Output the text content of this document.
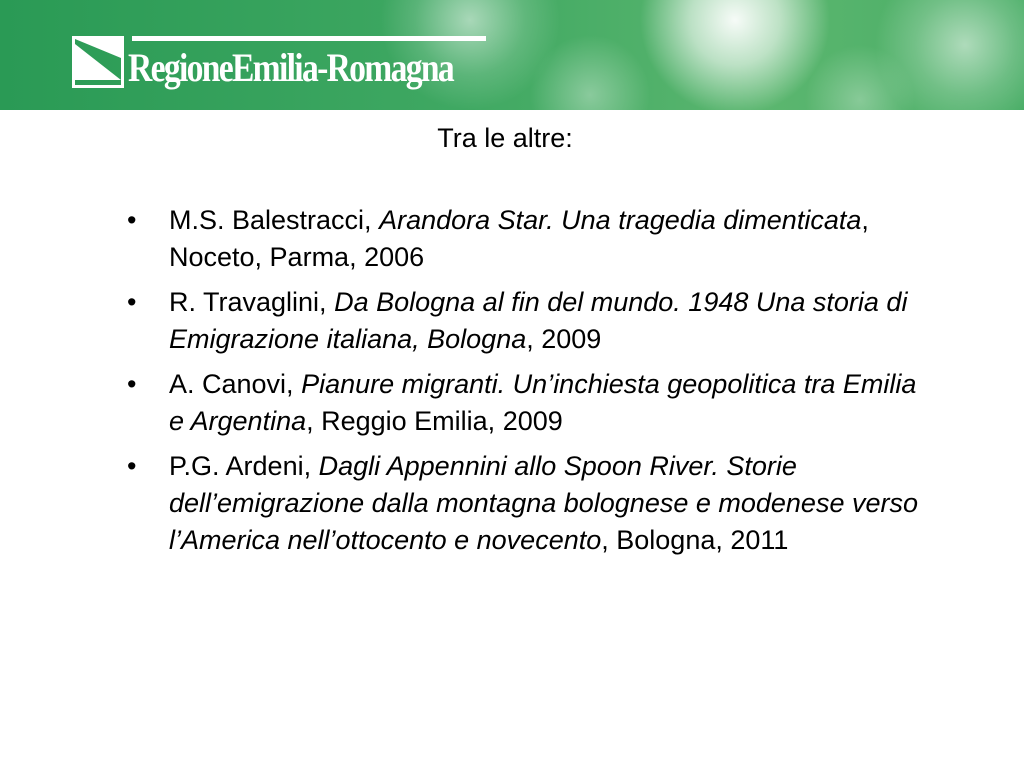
RegioneEmilia-Romagna
Tra le altre:
• M.S. Balestracci, Arandora Star. Una tragedia dimenticata, Noceto, Parma, 2006
• R. Travaglini, Da Bologna al fin del mundo. 1948 Una storia di Emigrazione italiana, Bologna, 2009
• A. Canovi, Pianure migranti. Un’inchiesta geopolitica tra Emilia e Argentina, Reggio Emilia, 2009
• P.G. Ardeni, Dagli Appennini allo Spoon River. Storie dell’emigrazione dalla montagna bolognese e modenese verso l’America nell’ottocento e novecento, Bologna, 2011
